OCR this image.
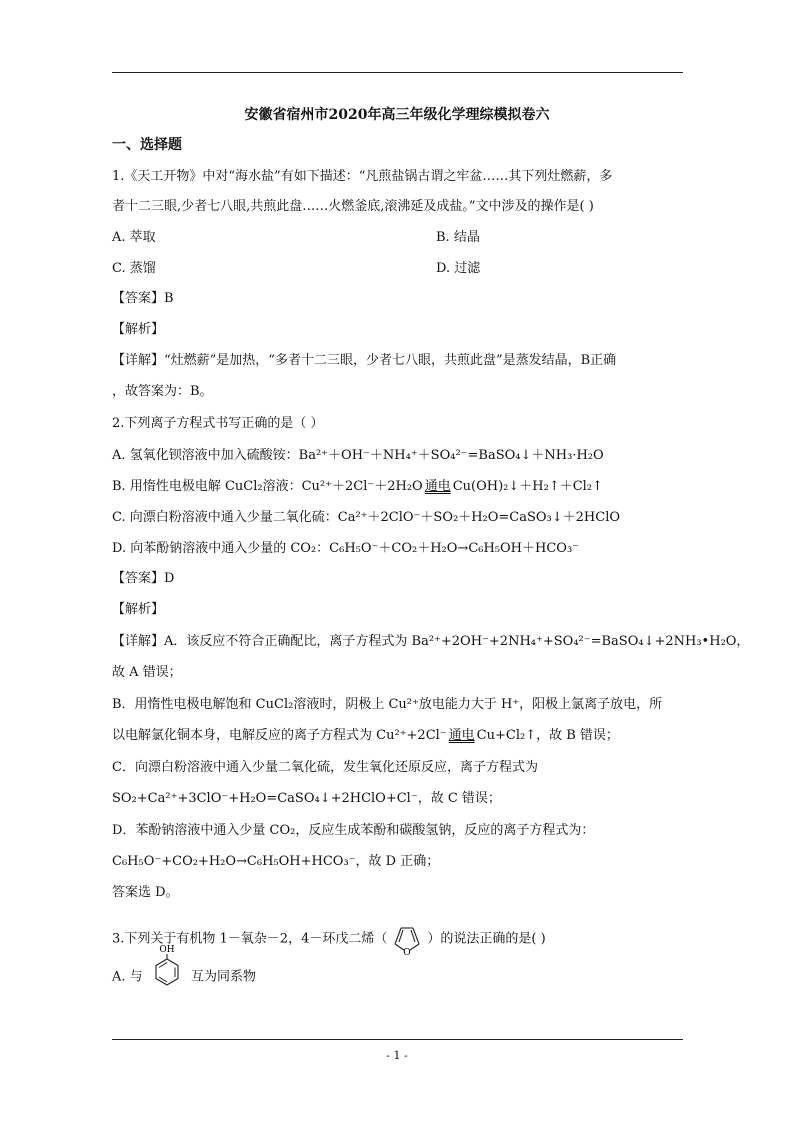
安徽省宿州市2020年高三年级化学理综模拟卷六
一、选择题
1.《天工开物》中对“海水盐”有如下描述：“凡煎盐锅古谓之牢盆……其下列灶燃薪，多
者十二三眼,少者七八眼,共煎此盘……火燃釜底,滚沸延及成盐。”文中涉及的操作是( )
A. 萃取	B. 结晶
C. 蒸馏	D. 过滤
【答案】B
【解析】
【详解】“灶燃薪”是加热，“多者十二三眼，少者七八眼，共煎此盘”是蒸发结晶，B正确
，故答案为：B。
2.下列离子方程式书写正确的是（ ）
A. 氢氧化钡溶液中加入硫酸铵：Ba²⁺＋OH⁻＋NH₄⁺＋SO₄²⁻=BaSO₄↓＋NH₃·H₂O
B. 用惰性电极电解 CuCl₂溶液：Cu²⁺＋2Cl⁻＋2H₂O 通电 Cu(OH)₂↓＋H₂↑＋Cl₂↑
C. 向漂白粉溶液中通入少量二氧化硫：Ca²⁺＋2ClO⁻＋SO₂＋H₂O=CaSO₃↓＋2HClO
D. 向苯酚钠溶液中通入少量的 CO₂：C₆H₅O⁻＋CO₂＋H₂O→C₆H₅OH＋HCO₃⁻
【答案】D
【解析】
【详解】A．该反应不符合正确配比，离子方程式为 Ba²⁺+2OH⁻+2NH₄⁺+SO₄²⁻=BaSO₄↓+2NH₃•H₂O，
故 A 错误；
B．用惰性电极电解饱和 CuCl₂溶液时，阴极上 Cu²⁺放电能力大于 H⁺，阳极上氯离子放电，所
以电解氯化铜本身，电解反应的离子方程式为 Cu²⁺+2Cl⁻ 通电 Cu+Cl₂↑，故 B 错误；
C．向漂白粉溶液中通入少量二氧化硫，发生氧化还原反应，离子方程式为
SO₂+Ca²⁺+3ClO⁻+H₂O=CaSO₄↓+2HClO+Cl⁻，故 C 错误；
D．苯酚钠溶液中通入少量 CO₂，反应生成苯酚和碳酸氢钠，反应的离子方程式为：
C₆H₅O⁻+CO₂+H₂O→C₆H₅OH+HCO₃⁻，故 D 正确；
答案选 D。
3.下列关于有机物 1－氧杂－2，4－环戊二烯（
O
）的说法正确的是( )
A. 与
OH
互为同系物
- 1 -
